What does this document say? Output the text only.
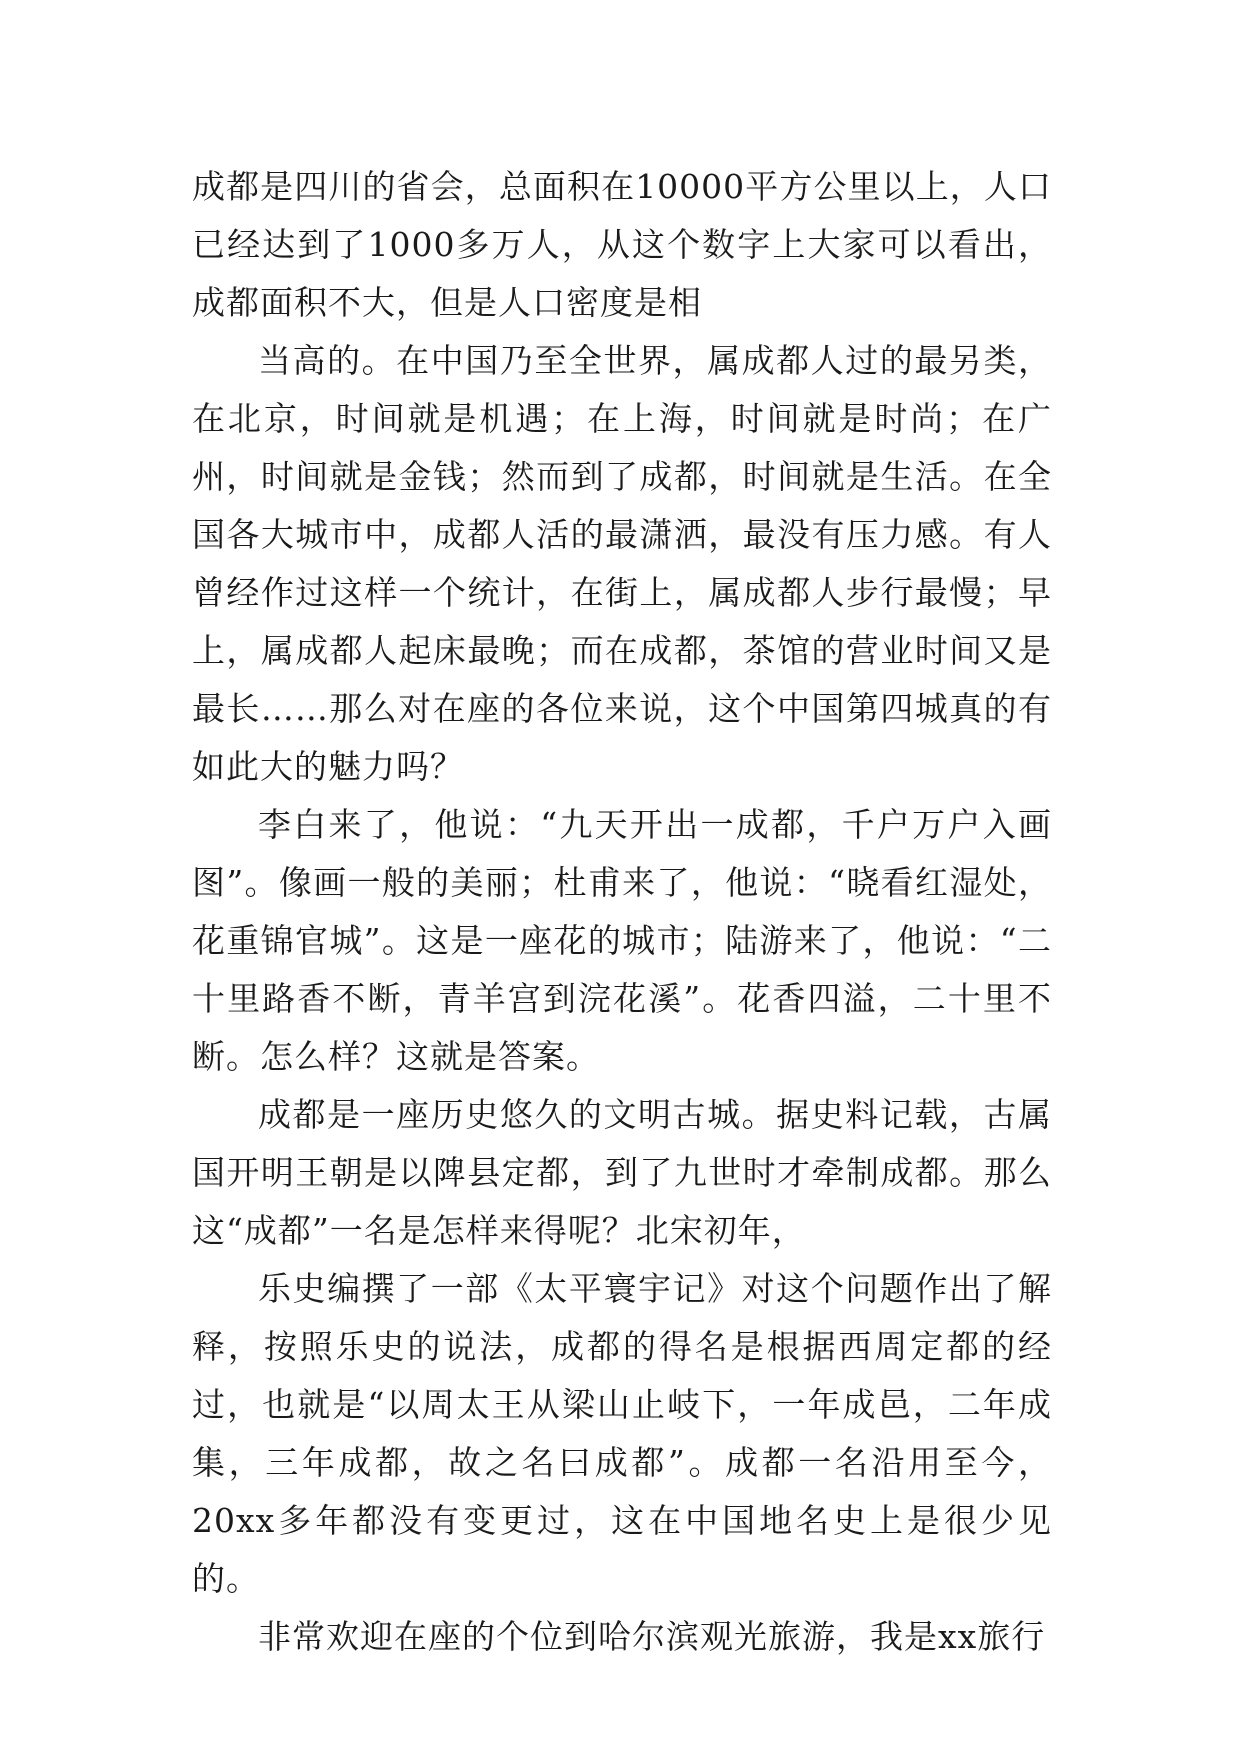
成都是四川的省会，总面积在10000平方公里以上，人口已经达到了1000多万人，从这个数字上大家可以看出，成都面积不大，但是人口密度是相

当高的。在中国乃至全世界，属成都人过的最另类，在北京，时间就是机遇；在上海，时间就是时尚；在广州，时间就是金钱；然而到了成都，时间就是生活。在全国各大城市中，成都人活的最潇洒，最没有压力感。有人曾经作过这样一个统计，在街上，属成都人步行最慢；早上，属成都人起床最晚；而在成都，茶馆的营业时间又是最长……那么对在座的各位来说，这个中国第四城真的有如此大的魅力吗？

李白来了，他说：“九天开出一成都，千户万户入画图”。像画一般的美丽；杜甫来了，他说：“晓看红湿处，花重锦官城”。这是一座花的城市；陆游来了，他说：“二十里路香不断，青羊宫到浣花溪”。花香四溢，二十里不断。怎么样？这就是答案。

成都是一座历史悠久的文明古城。据史料记载，古属国开明王朝是以陴县定都，到了九世时才牵制成都。那么这“成都”一名是怎样来得呢？北宋初年，

乐史编撰了一部《太平寰宇记》对这个问题作出了解释，按照乐史的说法，成都的得名是根据西周定都的经过，也就是“以周太王从梁山止岐下，一年成邑，二年成集，三年成都，故之名曰成都”。成都一名沿用至今，20xx多年都没有变更过，这在中国地名史上是很少见的。

非常欢迎在座的个位到哈尔滨观光旅游，我是xx旅行
